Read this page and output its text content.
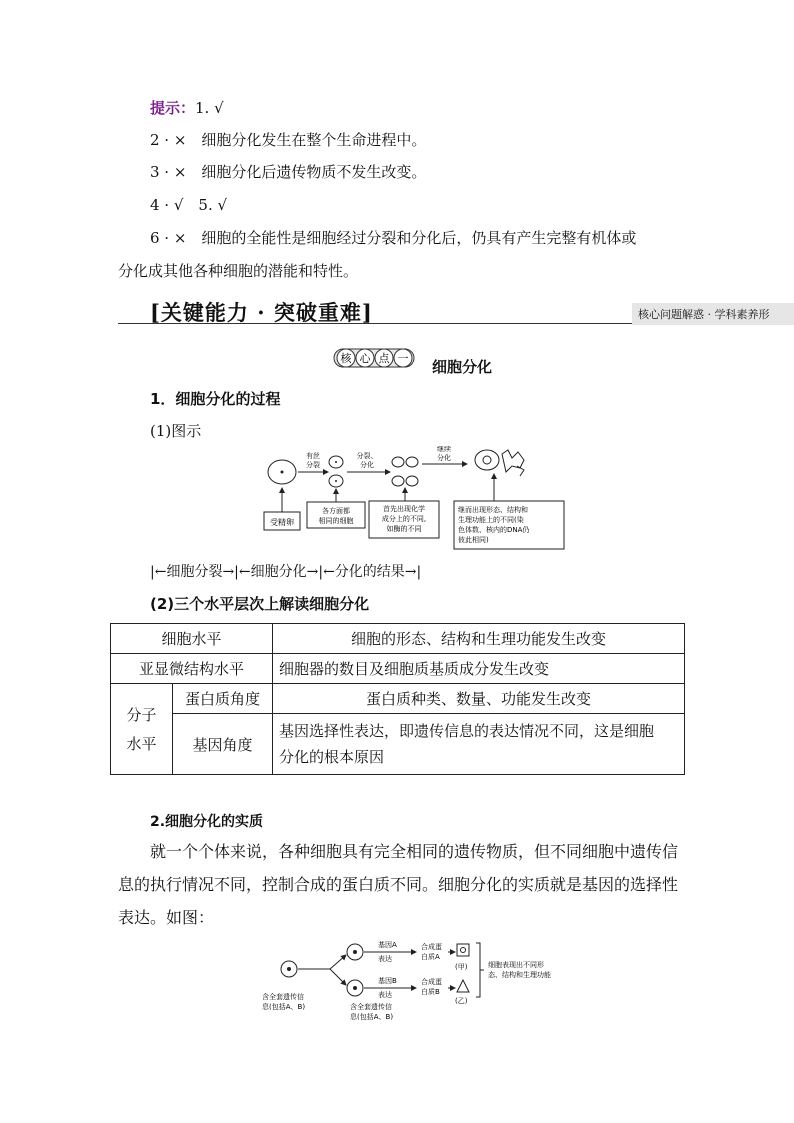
提示：1. √
2 · ×　细胞分化发生在整个生命进程中。
3 · ×　细胞分化后遗传物质不发生改变。
4 · √　5. √
6 · ×　细胞的全能性是细胞经过分裂和分化后，仍具有产生完整有机体或
分化成其他各种细胞的潜能和特性。
[关键能力 · 突破重难]	核心问题解惑 · 学科素养形
核 心 点 一 细胞分化
1．细胞分化的过程
(1)图示
有丝
分裂
分裂、
分化
继续
分化
受精卵
各方面都
相同的细胞
首先出现化学
成分上的不同,
如酶的不同
继而出现形态、结构和
生理功能上的不同(染
色体数、核内的DNA仍
彼此相同)
|←细胞分裂→|←细胞分化→|←分化的结果→|
(2)三个水平层次上解读细胞分化
细胞水平		细胞的形态、结构和生理功能发生改变
亚显微结构水平		细胞器的数目及细胞质基质成分发生改变

分子
水平	蛋白质角度	蛋白质种类、数量、功能发生改变
	基因角度	基因选择性表达，即遗传信息的表达情况不同，这是细胞
分化的根本原因
2.细胞分化的实质
就一个个体来说，各种细胞具有完全相同的遗传物质，但不同细胞中遗传信
息的执行情况不同，控制合成的蛋白质不同。细胞分化的实质就是基因的选择性
表达。如图：
基因A
表达
基因B
表达
合成蛋
白质A
合成蛋
白质B
(甲)
(乙)
细胞表现出不同形
态、结构和生理功能
含全套遗传信
息(包括A、B)	含全套遗传信
息(包括A、B)
